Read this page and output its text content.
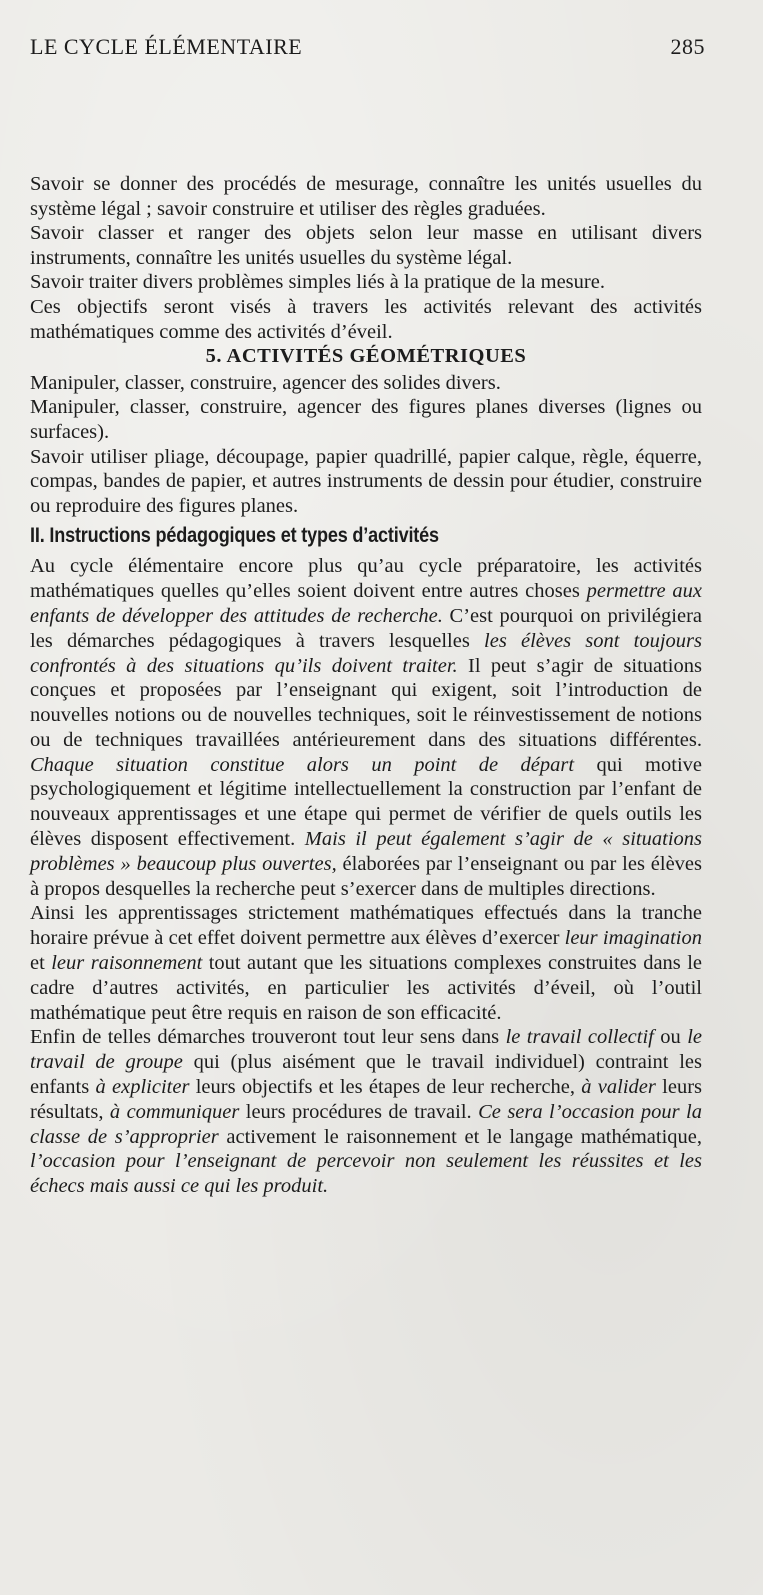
LE CYCLE ÉLÉMENTAIRE	285

Savoir se donner des procédés de mesurage, connaître les unités usuelles du système légal ; savoir construire et utiliser des règles graduées.

Savoir classer et ranger des objets selon leur masse en utilisant divers instruments, connaître les unités usuelles du système légal.

Savoir traiter divers problèmes simples liés à la pratique de la mesure.

Ces objectifs seront visés à travers les activités relevant des activités mathématiques comme des activités d’éveil.

5. ACTIVITÉS GÉOMÉTRIQUES

Manipuler, classer, construire, agencer des solides divers.

Manipuler, classer, construire, agencer des figures planes diverses (lignes ou surfaces).

Savoir utiliser pliage, découpage, papier quadrillé, papier calque, règle, équerre, compas, bandes de papier, et autres instruments de dessin pour étudier, construire ou reproduire des figures planes.

II. Instructions pédagogiques et types d’activités

Au cycle élémentaire encore plus qu’au cycle préparatoire, les activités mathématiques quelles qu’elles soient doivent entre autres choses permettre aux enfants de développer des attitudes de recherche. C’est pourquoi on privilégiera les démarches pédagogiques à travers lesquelles les élèves sont toujours confrontés à des situations qu’ils doivent traiter. Il peut s’agir de situations conçues et proposées par l’enseignant qui exigent, soit l’introduction de nouvelles notions ou de nouvelles techniques, soit le réinvestissement de notions ou de techniques travaillées antérieurement dans des situations différentes. Chaque situation constitue alors un point de départ qui motive psychologiquement et légitime intellectuellement la construction par l’enfant de nouveaux apprentissages et une étape qui permet de vérifier de quels outils les élèves disposent effectivement. Mais il peut également s’agir de « situations problèmes » beaucoup plus ouvertes, élaborées par l’enseignant ou par les élèves à propos desquelles la recherche peut s’exercer dans de multiples directions.

Ainsi les apprentissages strictement mathématiques effectués dans la tranche horaire prévue à cet effet doivent permettre aux élèves d’exercer leur imagination et leur raisonnement tout autant que les situations complexes construites dans le cadre d’autres activités, en particulier les activités d’éveil, où l’outil mathématique peut être requis en raison de son efficacité.

Enfin de telles démarches trouveront tout leur sens dans le travail collectif ou le travail de groupe qui (plus aisément que le travail individuel) contraint les enfants à expliciter leurs objectifs et les étapes de leur recherche, à valider leurs résultats, à communiquer leurs procédures de travail. Ce sera l’occasion pour la classe de s’approprier activement le raisonnement et le langage mathématique, l’occasion pour l’enseignant de percevoir non seulement les réussites et les échecs mais aussi ce qui les produit.
